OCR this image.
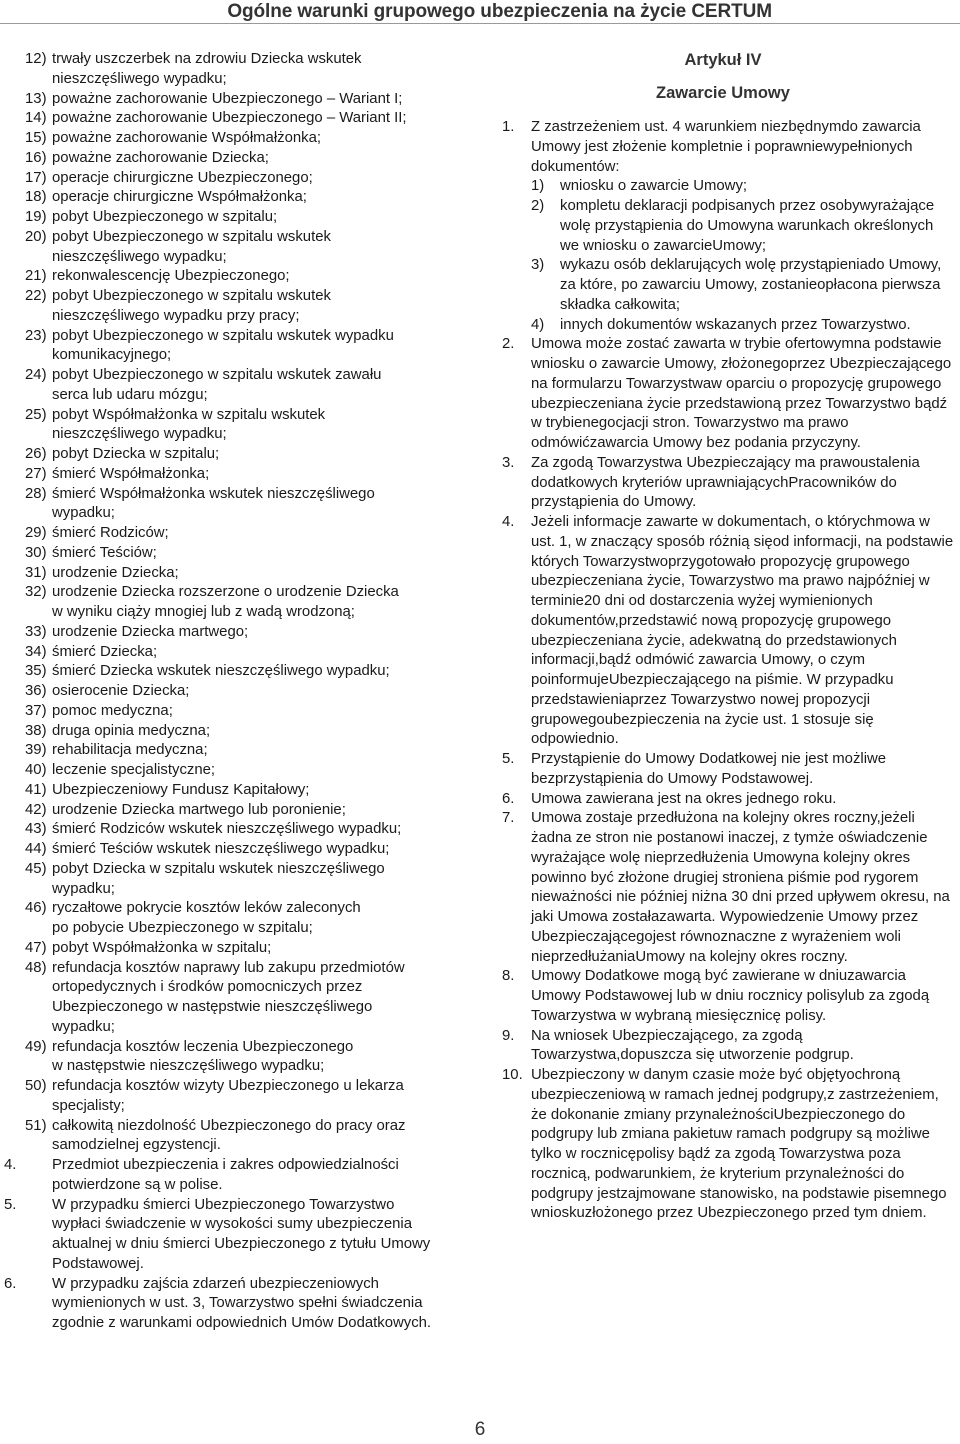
Ogólne warunki grupowego ubezpieczenia na życie CERTUM
12) trwały uszczerbek na zdrowiu Dziecka wskutek
nieszczęśliwego wypadku;
13) poważne zachorowanie Ubezpieczonego – Wariant I;
14) poważne zachorowanie Ubezpieczonego – Wariant II;
15) poważne zachorowanie Współmałżonka;
16) poważne zachorowanie Dziecka;
17) operacje chirurgiczne Ubezpieczonego;
18) operacje chirurgiczne Współmałżonka;
19) pobyt Ubezpieczonego w szpitalu;
20) pobyt Ubezpieczonego w szpitalu wskutek
nieszczęśliwego wypadku;
21) rekonwalescencję Ubezpieczonego;
22) pobyt Ubezpieczonego w szpitalu wskutek
nieszczęśliwego wypadku przy pracy;
23) pobyt Ubezpieczonego w szpitalu wskutek wypadku
komunikacyjnego;
24) pobyt Ubezpieczonego w szpitalu wskutek zawału
serca lub udaru mózgu;
25) pobyt Współmałżonka w szpitalu wskutek
nieszczęśliwego wypadku;
26) pobyt Dziecka w szpitalu;
27) śmierć Współmałżonka;
28) śmierć Współmałżonka wskutek nieszczęśliwego
wypadku;
29) śmierć Rodziców;
30) śmierć Teściów;
31) urodzenie Dziecka;
32) urodzenie Dziecka rozszerzone o urodzenie Dziecka
w wyniku ciąży mnogiej lub z wadą wrodzoną;
33) urodzenie Dziecka martwego;
34) śmierć Dziecka;
35) śmierć Dziecka wskutek nieszczęśliwego wypadku;
36) osierocenie Dziecka;
37) pomoc medyczna;
38) druga opinia medyczna;
39) rehabilitacja medyczna;
40) leczenie specjalistyczne;
41) Ubezpieczeniowy Fundusz Kapitałowy;
42) urodzenie Dziecka martwego lub poronienie;
43) śmierć Rodziców wskutek nieszczęśliwego wypadku;
44) śmierć Teściów wskutek nieszczęśliwego wypadku;
45) pobyt Dziecka w szpitalu wskutek nieszczęśliwego
wypadku;
46) ryczałtowe pokrycie kosztów leków zaleconych
po pobycie Ubezpieczonego w szpitalu;
47) pobyt Współmałżonka w szpitalu;
48) refundacja kosztów naprawy lub zakupu przedmiotów
ortopedycznych i środków pomocniczych przez
Ubezpieczonego w następstwie nieszczęśliwego
wypadku;
49) refundacja kosztów leczenia Ubezpieczonego
w następstwie nieszczęśliwego wypadku;
50) refundacja kosztów wizyty Ubezpieczonego u lekarza
specjalisty;
51) całkowitą niezdolność Ubezpieczonego do pracy oraz
samodzielnej egzystencji.
4. Przedmiot ubezpieczenia i zakres odpowiedzialności
potwierdzone są w polise.
5. W przypadku śmierci Ubezpieczonego Towarzystwo
wypłaci świadczenie w wysokości sumy ubezpieczenia
aktualnej w dniu śmierci Ubezpieczonego z tytułu Umowy
Podstawowej.
6. W przypadku zajścia zdarzeń ubezpieczeniowych
wymienionych w ust. 3, Towarzystwo spełni świadczenia
zgodnie z warunkami odpowiednich Umów Dodatkowych.
Artykuł IV
Zawarcie Umowy
1. Z zastrzeżeniem ust. 4 warunkiem niezbędnymdo zawarcia Umowy jest złożenie kompletnie i poprawniewypełnionych dokumentów:
1) wniosku o zawarcie Umowy;
2) kompletu deklaracji podpisanych przez osobywyrażające wolę przystąpienia do Umowyna warunkach określonych we wniosku o zawarcieUmowy;
3) wykazu osób deklarujących wolę przystąpieniado Umowy, za które, po zawarciu Umowy, zostanieopłacona pierwsza składka całkowita;
4) innych dokumentów wskazanych przez Towarzystwo.
2. Umowa może zostać zawarta w trybie ofertowymna podstawie wniosku o zawarcie Umowy, złożonegoprzez Ubezpieczającego na formularzu Towarzystwaw oparciu o propozycję grupowego ubezpieczeniana życie przedstawioną przez Towarzystwo bądź w trybienegocjacji stron. Towarzystwo ma prawo odmówićzawarcia Umowy bez podania przyczyny.
3. Za zgodą Towarzystwa Ubezpieczający ma prawoustalenia dodatkowych kryteriów uprawniającychPracowników do przystąpienia do Umowy.
4. Jeżeli informacje zawarte w dokumentach, o którychmowa w ust. 1, w znaczący sposób różnią sięod informacji, na podstawie których Towarzystwoprzygotowało propozycję grupowego ubezpieczeniana życie, Towarzystwo ma prawo najpóźniej w terminie20 dni od dostarczenia wyżej wymienionych dokumentów,przedstawić nową propozycję grupowego ubezpieczeniana życie, adekwatną do przedstawionych informacji,bądź odmówić zawarcia Umowy, o czym poinformujeUbezpieczającego na piśmie. W przypadku przedstawieniaprzez Towarzystwo nowej propozycji grupowegoubezpieczenia na życie ust. 1 stosuje się odpowiednio.
5. Przystąpienie do Umowy Dodatkowej nie jest możliwe bezprzystąpienia do Umowy Podstawowej.
6. Umowa zawierana jest na okres jednego roku.
7. Umowa zostaje przedłużona na kolejny okres roczny,jeżeli żadna ze stron nie postanowi inaczej, z tymże oświadczenie wyrażające wolę nieprzedłużenia Umowyna kolejny okres powinno być złożone drugiej stroniena piśmie pod rygorem nieważności nie później niżna 30 dni przed upływem okresu, na jaki Umowa zostałazawarta. Wypowiedzenie Umowy przez Ubezpieczającegojest równoznaczne z wyrażeniem woli nieprzedłużaniaUmowy na kolejny okres roczny.
8. Umowy Dodatkowe mogą być zawierane w dniuzawarcia Umowy Podstawowej lub w dniu rocznicy polisylub za zgodą Towarzystwa w wybraną miesięcznicę polisy.
9. Na wniosek Ubezpieczającego, za zgodą Towarzystwa,dopuszcza się utworzenie podgrup.
10. Ubezpieczony w danym czasie może być objętyochroną ubezpieczeniową w ramach jednej podgrupy,z zastrzeżeniem, że dokonanie zmiany przynależnościUbezpieczonego do podgrupy lub zmiana pakietuw ramach podgrupy są możliwe tylko w rocznicępolisy bądź za zgodą Towarzystwa poza rocznicą, podwarunkiem, że kryterium przynależności do podgrupy jestzajmowane stanowisko, na podstawie pisemnego wnioskuzłożonego przez Ubezpieczonego przed tym dniem.
6
